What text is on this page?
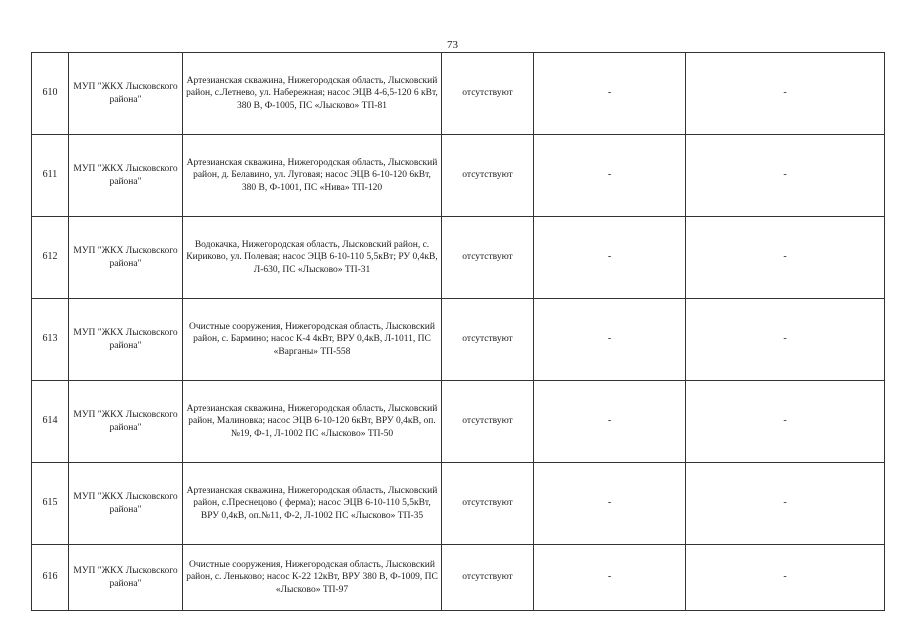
73
610	МУП "ЖКХ Лысковского района"	Артезианская скважина, Нижегородская область, Лысковский район, с.Летнево, ул. Набережная; насос ЭЦВ 4-6,5-120 6 кВт, 380 В, Ф-1005, ПС «Лысково» ТП-81	отсутствуют	-	-
611	МУП "ЖКХ Лысковского района"	Артезианская скважина, Нижегородская область, Лысковский район, д. Белавино, ул. Луговая; насос ЭЦВ 6-10-120 6кВт, 380 В, Ф-1001, ПС «Нива» ТП-120	отсутствуют	-	-
612	МУП "ЖКХ Лысковского района"	Водокачка, Нижегородская область, Лысковский район, с. Кириково, ул. Полевая; насос ЭЦВ 6-10-110 5,5кВт; РУ 0,4кВ, Л-630, ПС «Лысково» ТП-31	отсутствуют	-	-
613	МУП "ЖКХ Лысковского района"	Очистные сооружения, Нижегородская область, Лысковский район, с. Бармино; насос К-4 4кВт, ВРУ 0,4кВ, Л-1011, ПС «Варганы» ТП-558	отсутствуют	-	-
614	МУП "ЖКХ Лысковского района"	Артезианская скважина, Нижегородская область, Лысковский район, Малиновка; насос ЭЦВ 6-10-120 6кВт, ВРУ 0,4кВ, оп.№19, Ф-1, Л-1002 ПС «Лысково» ТП-50	отсутствуют	-	-
615	МУП "ЖКХ Лысковского района"	Артезианская скважина, Нижегородская область, Лысковский район, с.Преснецово ( ферма); насос ЭЦВ 6-10-110 5,5кВт, ВРУ 0,4кВ, оп.№11, Ф-2, Л-1002 ПС «Лысково» ТП-35	отсутствуют	-	-
616	МУП "ЖКХ Лысковского района"	Очистные сооружения, Нижегородская область, Лысковский район, с. Леньково; насос К-22 12кВт, ВРУ 380 В, Ф-1009, ПС «Лысково» ТП-97	отсутствуют	-	-
